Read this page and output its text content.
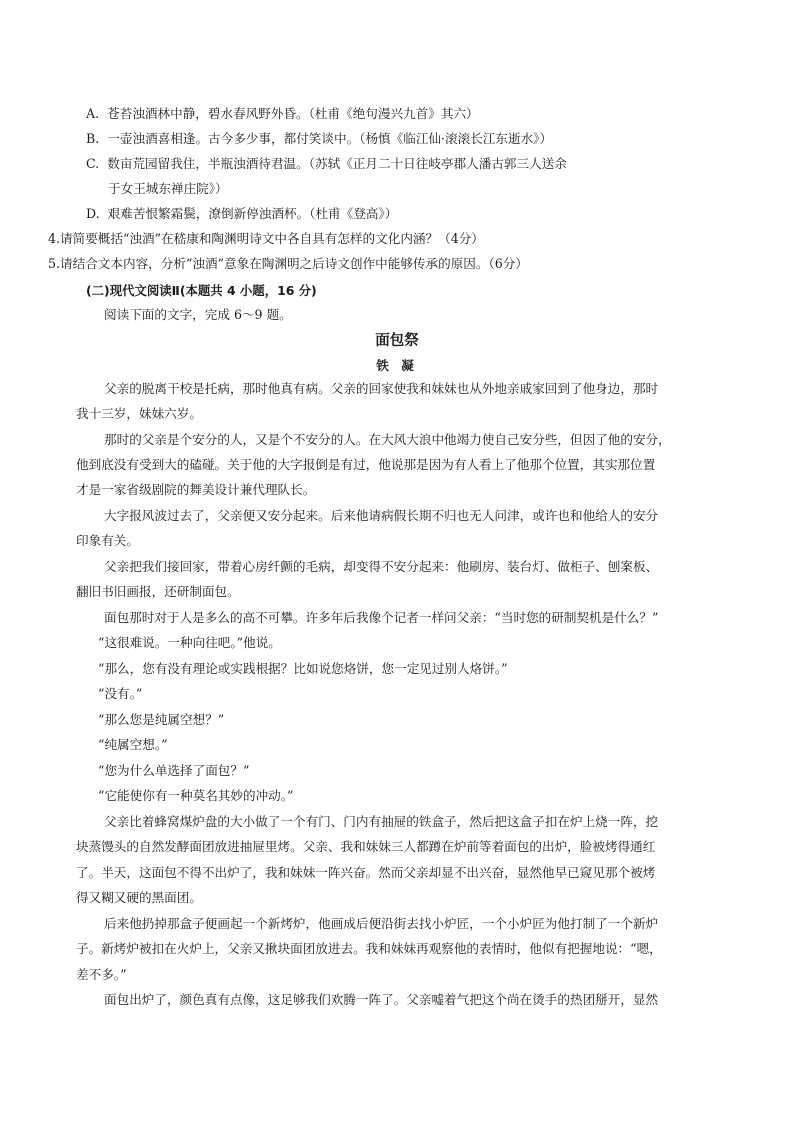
A. 苍苔浊酒林中静，碧水春风野外昏。（杜甫《绝句漫兴九首》其六）
B. 一壶浊酒喜相逢。古今多少事，都付笑谈中。（杨慎《临江仙·滚滚长江东逝水》）
C. 数亩荒园留我住，半瓶浊酒待君温。（苏轼《正月二十日往岐亭郡人潘古郭三人送余
于女王城东禅庄院》）
D. 艰难苦恨繁霜鬓，潦倒新停浊酒杯。（杜甫《登高》）
4.请简要概括“浊酒”在嵇康和陶渊明诗文中各自具有怎样的文化内涵？（4分）
5.请结合文本内容，分析“浊酒”意象在陶渊明之后诗文创作中能够传承的原因。（6分）
(二)现代文阅读Ⅱ(本题共 4 小题，16 分)
阅读下面的文字，完成 6～9 题。
面包祭
铁 凝
父亲的脱离干校是托病，那时他真有病。父亲的回家使我和妹妹也从外地亲戚家回到了他身边，那时
我十三岁，妹妹六岁。
那时的父亲是个安分的人，又是个不安分的人。在大风大浪中他竭力使自己安分些，但因了他的安分，
他到底没有受到大的磕碰。关于他的大字报倒是有过，他说那是因为有人看上了他那个位置，其实那位置
才是一家省级剧院的舞美设计兼代理队长。
大字报风波过去了，父亲便又安分起来。后来他请病假长期不归也无人问津，或许也和他给人的安分
印象有关。
父亲把我们接回家，带着心房纤颤的毛病，却变得不安分起来：他刷房、装台灯、做柜子、刨案板、
翻旧书旧画报，还研制面包。
面包那时对于人是多么的高不可攀。许多年后我像个记者一样问父亲：“当时您的研制契机是什么？”
“这很难说。一种向往吧。”他说。
“那么，您有没有理论或实践根据？比如说您烙饼，您一定见过别人烙饼。”
“没有。”
“那么您是纯属空想？”
“纯属空想。”
“您为什么单选择了面包？”
“它能使你有一种莫名其妙的冲动。”
父亲比着蜂窝煤炉盘的大小做了一个有门、门内有抽屉的铁盒子，然后把这盒子扣在炉上烧一阵，挖
块蒸馒头的自然发酵面团放进抽屉里烤。父亲、我和妹妹三人都蹲在炉前等着面包的出炉，脸被烤得通红
了。半天，这面包不得不出炉了，我和妹妹一阵兴奋。然而父亲却显不出兴奋，显然他早已窥见那个被烤
得又糊又硬的黑面团。
后来他扔掉那盒子便画起一个新烤炉，他画成后便沿街去找小炉匠，一个小炉匠为他打制了一个新炉
子。新烤炉被扣在火炉上，父亲又揪块面团放进去。我和妹妹再观察他的表情时，他似有把握地说：“嗯，
差不多。”
面包出炉了，颜色真有点像，这足够我们欢腾一阵了。父亲嘘着气把这个尚在烫手的热团掰开，显然
